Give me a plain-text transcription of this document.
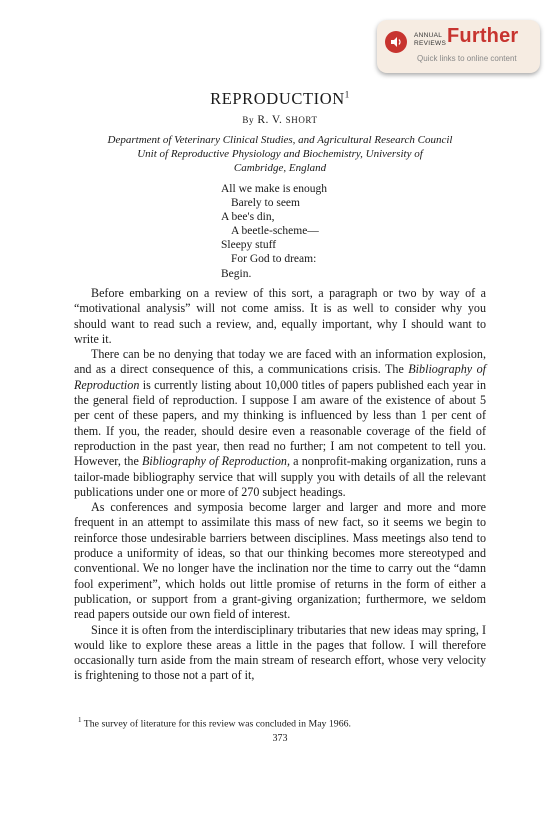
ANNUAL
REVIEWS Further
Quick links to online content
REPRODUCTION$^1$
By R. V. SHORT
Department of Veterinary Clinical Studies, and Agricultural Research Council
Unit of Reproductive Physiology and Biochemistry, University of
Cambridge, England
All we make is enough
Barely to seem
A bee's din,
A beetle-scheme—
Sleepy stuff
For God to dream:
Begin.

Before embarking on a review of this sort, a paragraph or two by way of a “motivational analysis” will not come amiss. It is as well to consider why you should want to read such a review, and, equally important, why I should want to write it.

There can be no denying that today we are faced with an information explosion, and as a direct consequence of this, a communications crisis. The Bibliography of Reproduction is currently listing about 10,000 titles of papers published each year in the general field of reproduction. I suppose I am aware of the existence of about 5 per cent of these papers, and my thinking is influenced by less than 1 per cent of them. If you, the reader, should desire even a reasonable coverage of the field of reproduction in the past year, then read no further; I am not competent to tell you. However, the Bibliography of Reproduction, a nonprofit-making organization, runs a tailor-made bibliography service that will supply you with details of all the relevant publications under one or more of 270 subject headings.

As conferences and symposia become larger and larger and more and more frequent in an attempt to assimilate this mass of new fact, so it seems we begin to reinforce those undesirable barriers between disciplines. Mass meetings also tend to produce a uniformity of ideas, so that our thinking becomes more stereotyped and conventional. We no longer have the inclination nor the time to carry out the “damn fool experiment”, which holds out little promise of returns in the form of either a publication, or support from a grant-giving organization; furthermore, we seldom read papers outside our own field of interest.

Since it is often from the interdisciplinary tributaries that new ideas may spring, I would like to explore these areas a little in the pages that follow. I will therefore occasionally turn aside from the main stream of research effort, whose very velocity is frightening to those not a part of it,

$^1$ The survey of literature for this review was concluded in May 1966.
373
